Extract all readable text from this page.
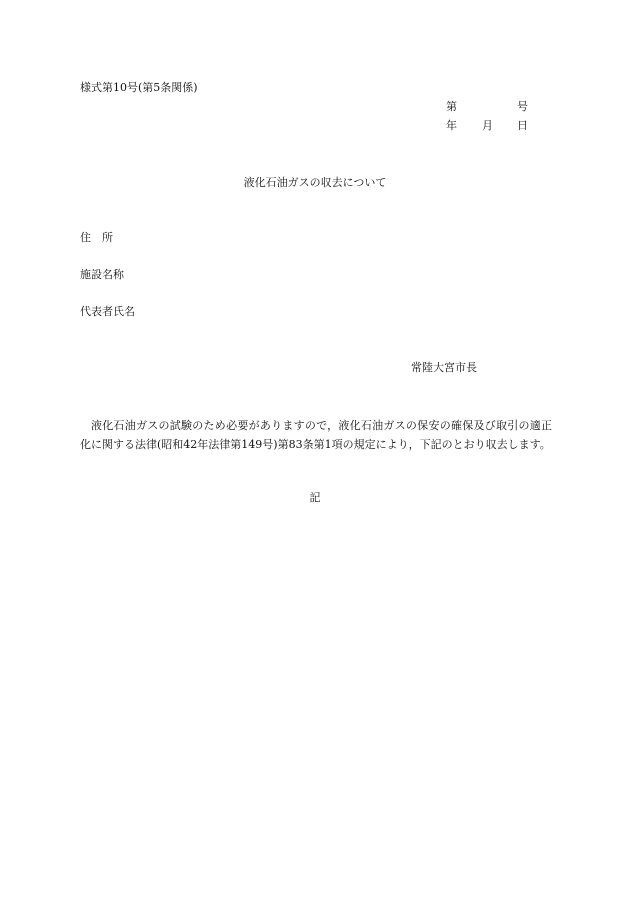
様式第10号(第5条関係)
第	号
年 月 日
液化石油ガスの収去について
住　所
施設名称
代表者氏名
常陸大宮市長
液化石油ガスの試験のため必要がありますので，液化石油ガスの保安の確保及び取引の適正化に関する法律(昭和42年法律第149号)第83条第1項の規定により，下記のとおり収去します。
記
